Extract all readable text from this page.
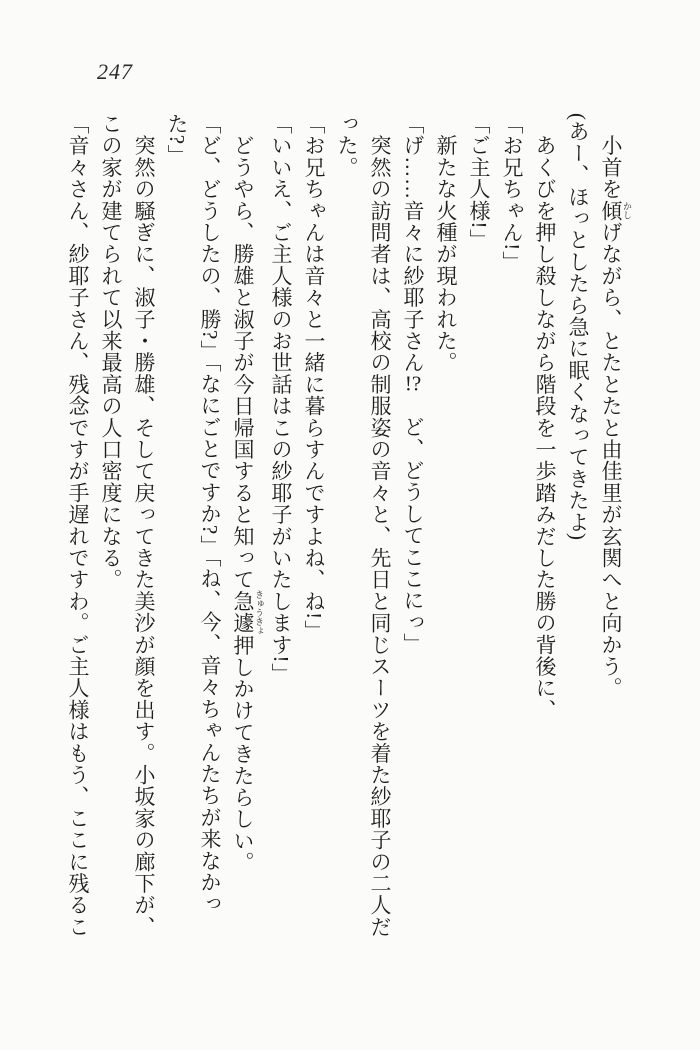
247
　小首を傾 かしげながら、とたとたと由佳里が玄関へと向かう。
(あー、ほっとしたら急に眠くなってきたよ)
　あくびを押し殺しながら階段を一歩踏みだした勝の背後に、
「お兄ちゃん!」
「ご主人様!」
　新たな火種が現われた。
「げ……音々に紗耶子さん!?　ど、どうしてここにっ」
　突然の訪問者は、高校の制服姿の音々と、先日と同じスーツを着た紗耶子の二人だ
った。
「お兄ちゃんは音々と一緒に暮らすんですよね、ね!」
「いいえ、ご主人様のお世話はこの紗耶子がいたします!」
　どうやら、勝雄と淑子が今日帰国すると知って急遽 きゅうきょ押しかけてきたらしい。
「ど、どうしたの、勝?」「なにごとですか?」「ね、今、音々ちゃんたちが来なかっ
た?」
　突然の騒ぎに、淑子・勝雄、そして戻ってきた美沙が顔を出す。小坂家の廊下が、
この家が建てられて以来最高の人口密度になる。
「音々さん、紗耶子さん、残念ですが手遅れですわ。ご主人様はもう、ここに残るこ
